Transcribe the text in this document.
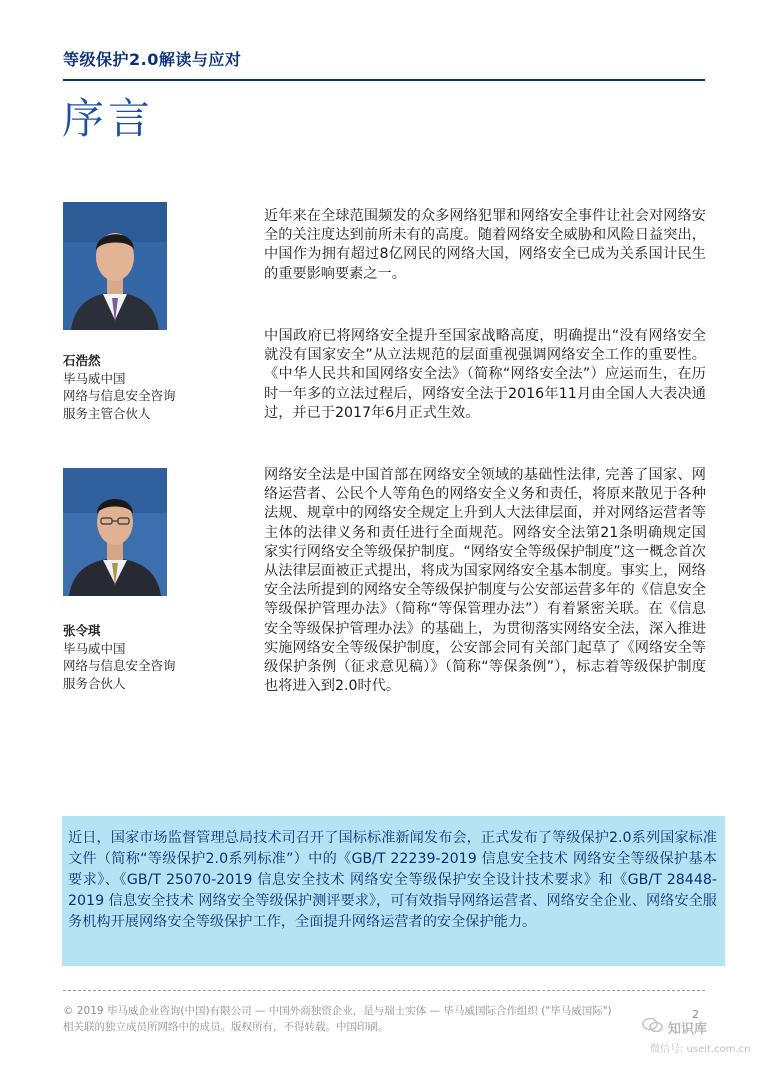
等级保护2.0解读与应对
序言
石浩然
毕马威中国
网络与信息安全咨询
服务主管合伙人
张令琪
毕马威中国
网络与信息安全咨询
服务合伙人

近年来在全球范围频发的众多网络犯罪和网络安全事件让社会对网络安全的关注度达到前所未有的高度。随着网络安全威胁和风险日益突出，中国作为拥有超过8亿网民的网络大国，网络安全已成为关系国计民生的重要影响要素之一。

中国政府已将网络安全提升至国家战略高度，明确提出“没有网络安全就没有国家安全”从立法规范的层面重视强调网络安全工作的重要性。《中华人民共和国网络安全法》（简称“网络安全法”）应运而生，在历时一年多的立法过程后，网络安全法于2016年11月由全国人大表决通过，并已于2017年6月正式生效。

网络安全法是中国首部在网络安全领域的基础性法律, 完善了国家、网络运营者、公民个人等角色的网络安全义务和责任，将原来散见于各种法规、规章中的网络安全规定上升到人大法律层面，并对网络运营者等主体的法律义务和责任进行全面规范。网络安全法第21条明确规定国家实行网络安全等级保护制度。“网络安全等级保护制度”这一概念首次从法律层面被正式提出，将成为国家网络安全基本制度。事实上，网络安全法所提到的网络安全等级保护制度与公安部运营多年的《信息安全等级保护管理办法》（简称“等保管理办法”）有着紧密关联。在《信息安全等级保护管理办法》的基础上，为贯彻落实网络安全法，深入推进实施网络安全等级保护制度，公安部会同有关部门起草了《网络安全等级保护条例（征求意见稿）》（简称“等保条例”），标志着等级保护制度也将进入到2.0时代。

近日，国家市场监督管理总局技术司召开了国标标准新闻发布会，正式发布了等级保护2.0系列国家标准文件（简称“等级保护2.0系列标准”）中的《GB/T 22239-2019 信息安全技术 网络安全等级保护基本要求》、《GB/T 25070-2019 信息安全技术 网络安全等级保护安全设计技术要求》和《GB/T 28448-2019 信息安全技术 网络安全等级保护测评要求》，可有效指导网络运营者、网络安全企业、网络安全服务机构开展网络安全等级保护工作，全面提升网络运营者的安全保护能力。

© 2019 毕马威企业咨询(中国)有限公司 — 中国外商独资企业，是与瑞士实体 — 毕马威国际合作组织 ("毕马威国际") 相关联的独立成员所网络中的成员。版权所有，不得转载。中国印刷。
2
知识库
微信号: useit.com.cn
